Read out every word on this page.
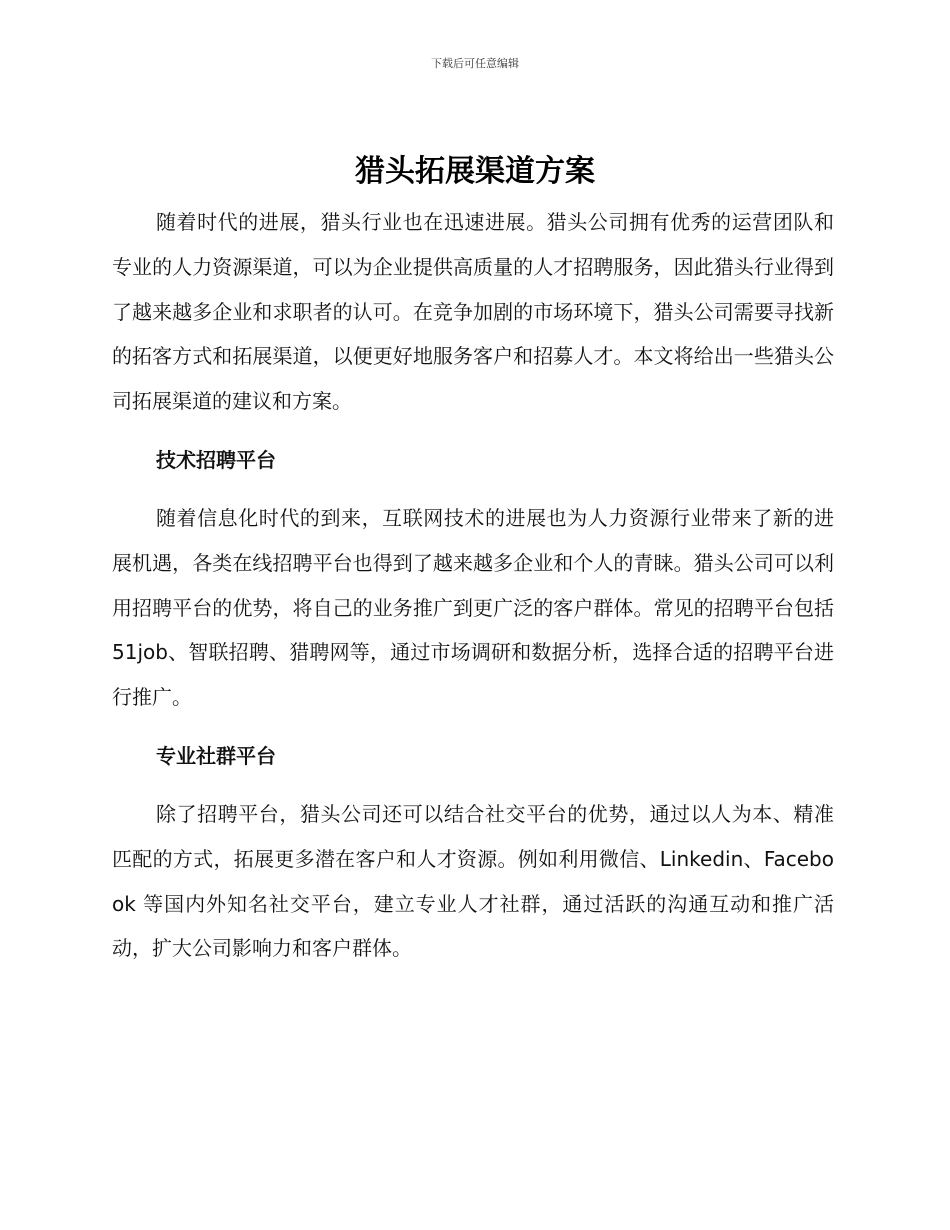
下载后可任意编辑
猎头拓展渠道方案

随着时代的进展，猎头行业也在迅速进展。猎头公司拥有优秀的运营团队和专业的人力资源渠道，可以为企业提供高质量的人才招聘服务，因此猎头行业得到了越来越多企业和求职者的认可。在竞争加剧的市场环境下，猎头公司需要寻找新的拓客方式和拓展渠道，以便更好地服务客户和招募人才。本文将给出一些猎头公司拓展渠道的建议和方案。

技术招聘平台

随着信息化时代的到来，互联网技术的进展也为人力资源行业带来了新的进展机遇，各类在线招聘平台也得到了越来越多企业和个人的青睐。猎头公司可以利用招聘平台的优势，将自己的业务推广到更广泛的客户群体。常见的招聘平台包括 51job、智联招聘、猎聘网等，通过市场调研和数据分析，选择合适的招聘平台进行推广。

专业社群平台

除了招聘平台，猎头公司还可以结合社交平台的优势，通过以人为本、精准匹配的方式，拓展更多潜在客户和人才资源。例如利用微信、Linkedin、Facebook 等国内外知名社交平台，建立专业人才社群，通过活跃的沟通互动和推广活动，扩大公司影响力和客户群体。
